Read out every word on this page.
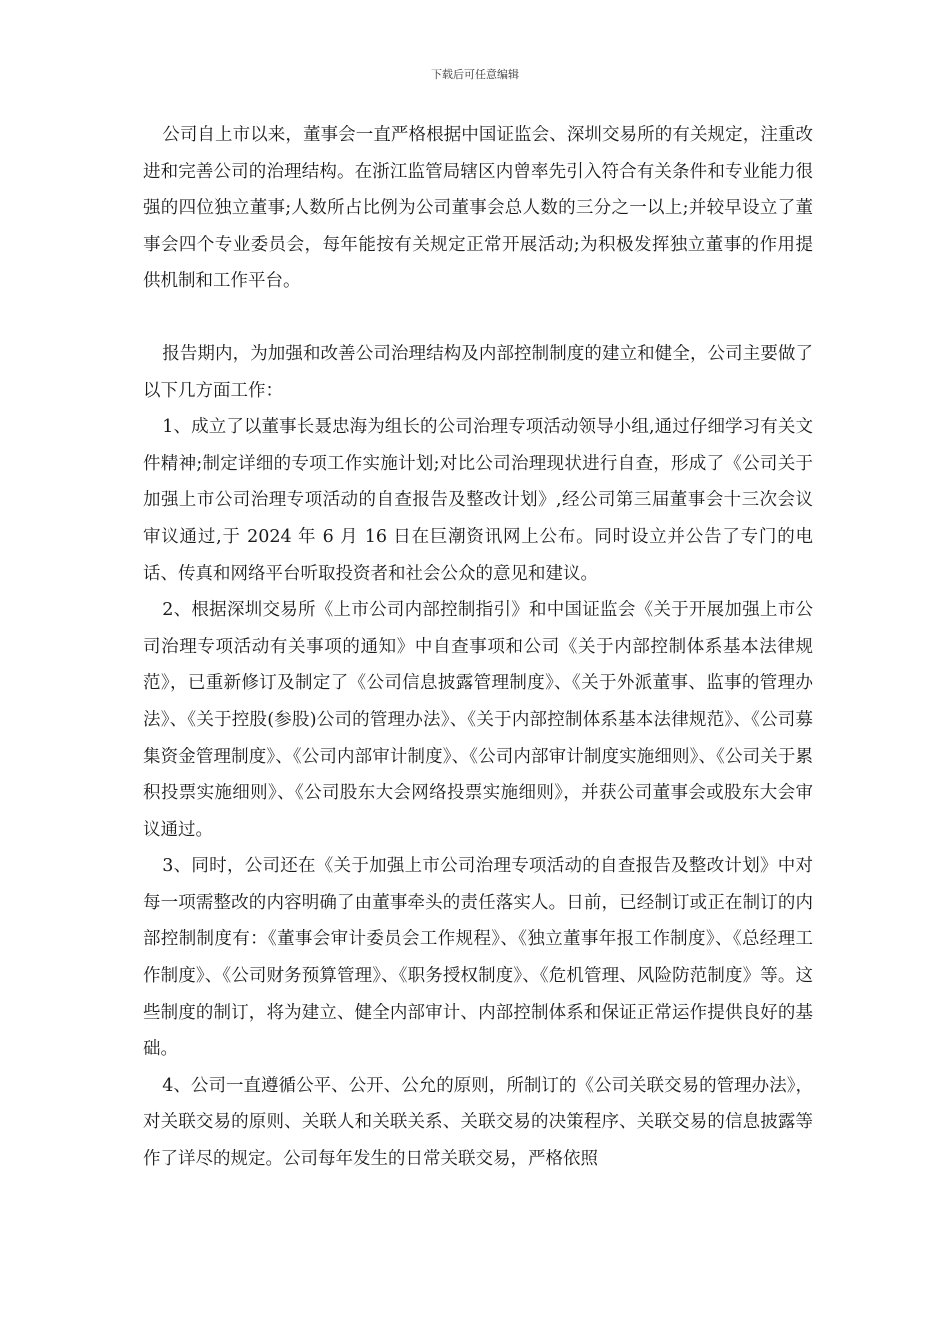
下载后可任意编辑

公司自上市以来，董事会一直严格根据中国证监会、深圳交易所的有关规定，注重改进和完善公司的治理结构。在浙江监管局辖区内曾率先引入符合有关条件和专业能力很强的四位独立董事;人数所占比例为公司董事会总人数的三分之一以上;并较早设立了董事会四个专业委员会，每年能按有关规定正常开展活动;为积极发挥独立董事的作用提供机制和工作平台。

报告期内，为加强和改善公司治理结构及内部控制制度的建立和健全，公司主要做了以下几方面工作：

1、成立了以董事长聂忠海为组长的公司治理专项活动领导小组,通过仔细学习有关文件精神;制定详细的专项工作实施计划;对比公司治理现状进行自查，形成了《公司关于加强上市公司治理专项活动的自查报告及整改计划》,经公司第三届董事会十三次会议审议通过,于 2024 年 6 月 16 日在巨潮资讯网上公布。同时设立并公告了专门的电话、传真和网络平台听取投资者和社会公众的意见和建议。

2、根据深圳交易所《上市公司内部控制指引》和中国证监会《关于开展加强上市公司治理专项活动有关事项的通知》中自查事项和公司《关于内部控制体系基本法律规范》，已重新修订及制定了《公司信息披露管理制度》、《关于外派董事、监事的管理办法》、《关于控股(参股)公司的管理办法》、《关于内部控制体系基本法律规范》、《公司募集资金管理制度》、《公司内部审计制度》、《公司内部审计制度实施细则》、《公司关于累积投票实施细则》、《公司股东大会网络投票实施细则》，并获公司董事会或股东大会审议通过。

3、同时，公司还在《关于加强上市公司治理专项活动的自查报告及整改计划》中对每一项需整改的内容明确了由董事牵头的责任落实人。日前，已经制订或正在制订的内部控制制度有：《董事会审计委员会工作规程》、《独立董事年报工作制度》、《总经理工作制度》、《公司财务预算管理》、《职务授权制度》、《危机管理、风险防范制度》等。这些制度的制订，将为建立、健全内部审计、内部控制体系和保证正常运作提供良好的基础。

4、公司一直遵循公平、公开、公允的原则，所制订的《公司关联交易的管理办法》，对关联交易的原则、关联人和关联关系、关联交易的决策程序、关联交易的信息披露等作了详尽的规定。公司每年发生的日常关联交易，严格依照
